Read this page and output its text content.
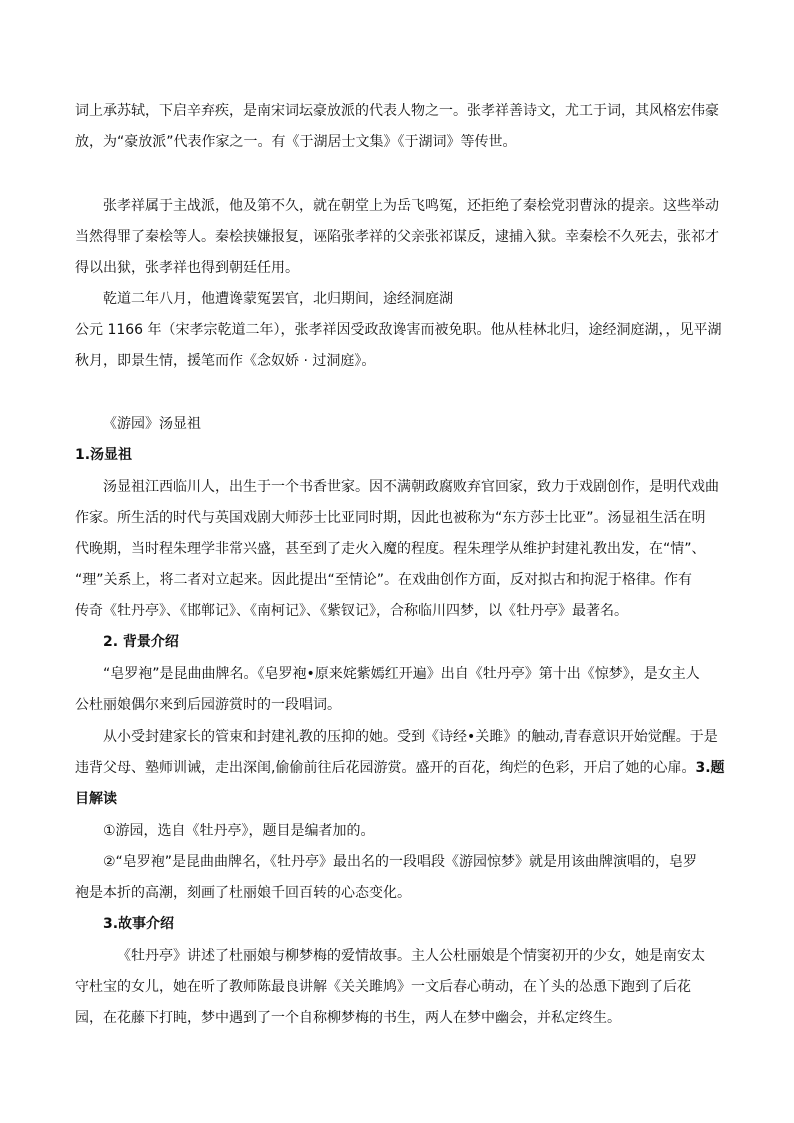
词上承苏轼，下启辛弃疾，是南宋词坛豪放派的代表人物之一。张孝祥善诗文，尤工于词，其风格宏伟豪
放，为“豪放派”代表作家之一。有《于湖居士文集》《于湖词》等传世。
张孝祥属于主战派，他及第不久，就在朝堂上为岳飞鸣冤，还拒绝了秦桧党羽曹泳的提亲。这些举动
当然得罪了秦桧等人。秦桧挟嫌报复，诬陷张孝祥的父亲张祁谋反，逮捕入狱。幸秦桧不久死去，张祁才
得以出狱，张孝祥也得到朝廷任用。
乾道二年八月，他遭谗蒙冤罢官，北归期间，途经洞庭湖
公元 1166 年（宋孝宗乾道二年），张孝祥因受政敌谗害而被免职。他从桂林北归，途经洞庭湖，，见平湖
秋月，即景生情，援笔而作《念奴娇 · 过洞庭》。
《游园》汤显祖
1.汤显祖
汤显祖江西临川人，出生于一个书香世家。因不满朝政腐败弃官回家，致力于戏剧创作，是明代戏曲
作家。所生活的时代与英国戏剧大师莎士比亚同时期，因此也被称为“东方莎士比亚”。汤显祖生活在明
代晚期，当时程朱理学非常兴盛，甚至到了走火入魔的程度。程朱理学从维护封建礼教出发，在“情”、
“理”关系上，将二者对立起来。因此提出“至情论”。在戏曲创作方面，反对拟古和拘泥于格律。作有
传奇《牡丹亭》、《邯郸记》、《南柯记》、《紫钗记》，合称临川四梦，以《牡丹亭》最著名。
2. 背景介绍
“皂罗袍”是昆曲曲牌名。《皂罗袍•原来姹紫嫣红开遍》出自《牡丹亭》第十出《惊梦》，是女主人
公杜丽娘偶尔来到后园游赏时的一段唱词。
从小受封建家长的管束和封建礼教的压抑的她。受到《诗经•关雎》的触动,青春意识开始觉醒。于是
违背父母、塾师训诫，走出深闺,偷偷前往后花园游赏。盛开的百花，绚烂的色彩，开启了她的心扉。3.题
目解读
①游园，选自《牡丹亭》，题目是编者加的。
②“皂罗袍”是昆曲曲牌名，《牡丹亭》最出名的一段唱段《游园惊梦》就是用该曲牌演唱的，皂罗
袍是本折的高潮，刻画了杜丽娘千回百转的心态变化。
3.故事介绍
《牡丹亭》讲述了杜丽娘与柳梦梅的爱情故事。主人公杜丽娘是个情窦初开的少女，她是南安太
守杜宝的女儿，她在听了教师陈最良讲解《关关雎鸠》一文后春心萌动，在丫头的怂恿下跑到了后花
园，在花藤下打盹，梦中遇到了一个自称柳梦梅的书生，两人在梦中幽会，并私定终生。
